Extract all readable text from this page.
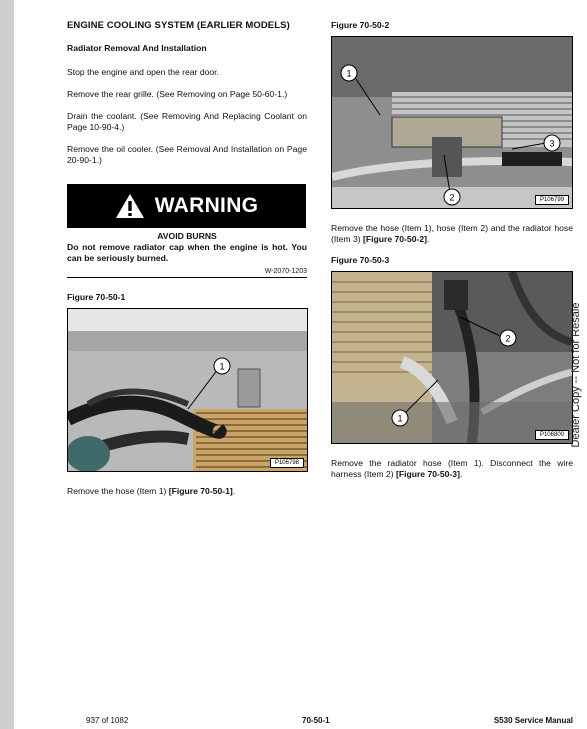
ENGINE COOLING SYSTEM (EARLIER MODELS)
Radiator Removal And Installation

Stop the engine and open the rear door.

Remove the rear grille. (See Removing on Page 50-60-1.)

Drain the coolant. (See Removing And Replacing Coolant on Page 10-90-4.)

Remove the oil cooler. (See Removal And Installation on Page 20-90-1.)

WARNING
AVOID BURNS

Do not remove radiator cap when the engine is hot. You can be seriously burned.

W-2070-1203
Figure 70-50-1
1
P106798

Remove the hose (Item 1) [Figure 70-50-1].

Figure 70-50-2
1
2
3
P106799

Remove the hose (Item 1), hose (Item 2) and the radiator hose (Item 3) [Figure 70-50-2].

Figure 70-50-3
2
1
P106800

Remove the radiator hose (Item 1). Disconnect the wire harness (Item 2) [Figure 70-50-3].

Dealer Copy -- Not for Resale
937 of 1082	70-50-1	S530 Service Manual
